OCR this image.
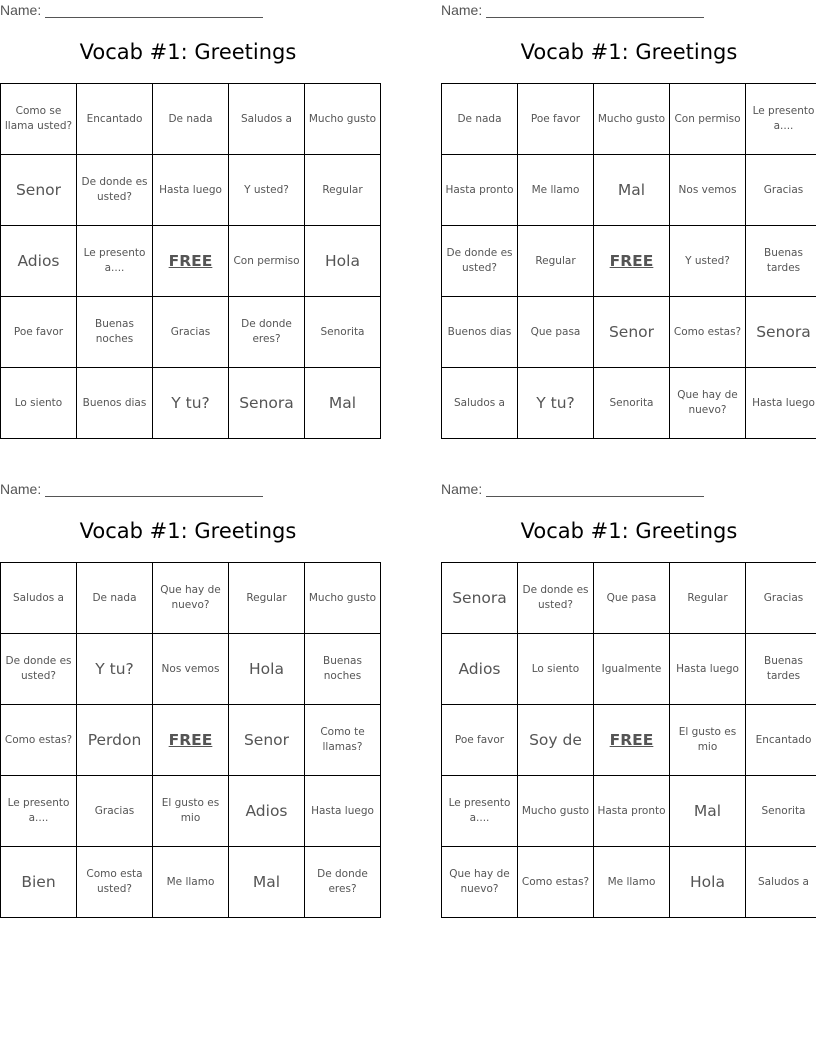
Name:
Vocab #1: Greetings
Como se llama usted?	Encantado	De nada	Saludos a	Mucho gusto

Senor	De donde es usted?	Hasta luego	Y usted?	Regular

Adios	Le presento a....	FREE	Con permiso	Hola

Poe favor	Buenas noches	Gracias	De donde eres?	Senorita

Lo siento	Buenos dias	Y tu?	Senora	Mal
Name:
Vocab #1: Greetings
De nada	Poe favor	Mucho gusto	Con permiso	Le presento a....

Hasta pronto	Me llamo	Mal	Nos vemos	Gracias

De donde es usted?	Regular	FREE	Y usted?	Buenas tardes

Buenos dias	Que pasa	Senor	Como estas?	Senora

Saludos a	Y tu?	Senorita	Que hay de nuevo?	Hasta luego
Name:
Vocab #1: Greetings
Saludos a	De nada	Que hay de nuevo?	Regular	Mucho gusto

De donde es usted?	Y tu?	Nos vemos	Hola	Buenas noches

Como estas?	Perdon	FREE	Senor	Como te llamas?

Le presento a....	Gracias	El gusto es mio	Adios	Hasta luego

Bien	Como esta usted?	Me llamo	Mal	De donde eres?
Name:
Vocab #1: Greetings
Senora	De donde es usted?	Que pasa	Regular	Gracias

Adios	Lo siento	Igualmente	Hasta luego	Buenas tardes

Poe favor	Soy de	FREE	El gusto es mio	Encantado

Le presento a....	Mucho gusto	Hasta pronto	Mal	Senorita

Que hay de nuevo?	Como estas?	Me llamo	Hola	Saludos a
